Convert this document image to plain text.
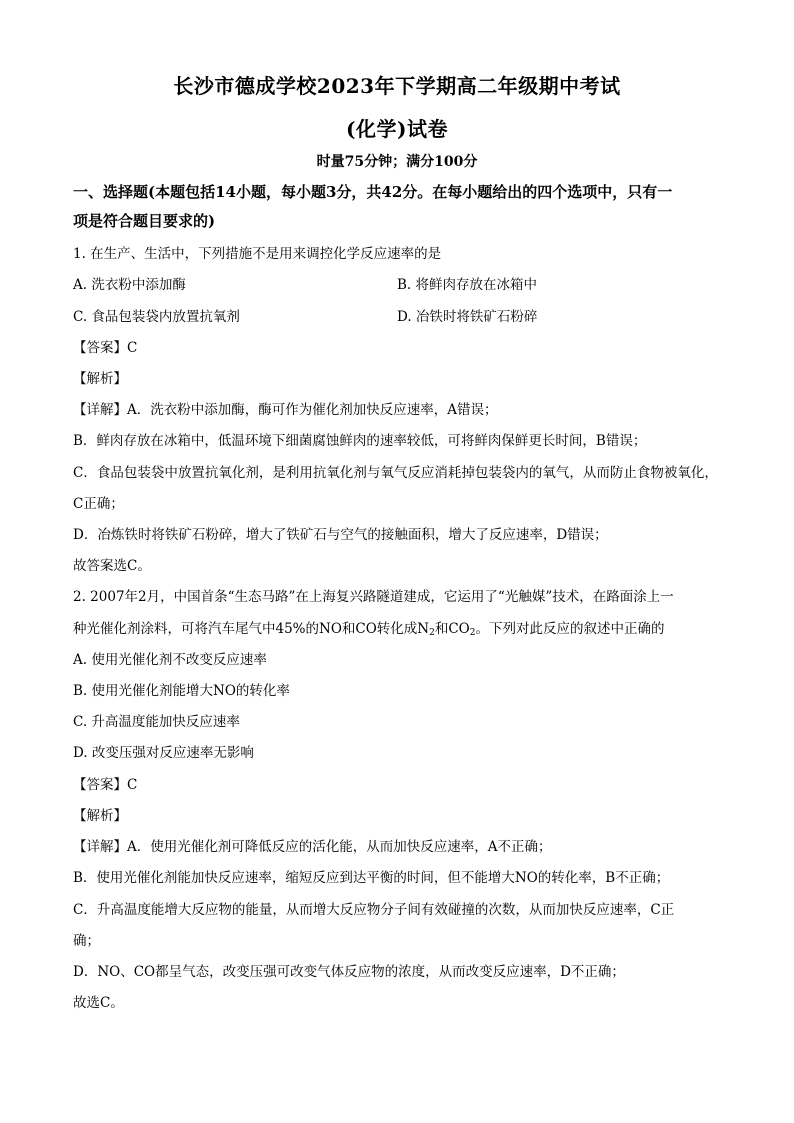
长沙市德成学校2023年下学期高二年级期中考试
(化学)试卷
时量75分钟；满分100分
一、选择题(本题包括14小题，每小题3分，共42分。在每小题给出的四个选项中，只有一
项是符合题目要求的)
1. 在生产、生活中，下列措施不是用来调控化学反应速率的是
A. 洗衣粉中添加酶	B. 将鲜肉存放在冰箱中
C. 食品包装袋内放置抗氧剂	D. 冶铁时将铁矿石粉碎
【答案】C
【解析】
【详解】A．洗衣粉中添加酶，酶可作为催化剂加快反应速率，A错误；
B．鲜肉存放在冰箱中，低温环境下细菌腐蚀鲜肉的速率较低，可将鲜肉保鲜更长时间，B错误；
C．食品包装袋中放置抗氧化剂，是利用抗氧化剂与氧气反应消耗掉包装袋内的氧气，从而防止食物被氧化，
C正确；
D．冶炼铁时将铁矿石粉碎，增大了铁矿石与空气的接触面积，增大了反应速率，D错误；
故答案选C。
2. 2007年2月，中国首条“生态马路”在上海复兴路隧道建成，它运用了“光触媒”技术，在路面涂上一
种光催化剂涂料，可将汽车尾气中45%的NO和CO转化成$N_2$和$CO_2$。下列对此反应的叙述中正确的
A. 使用光催化剂不改变反应速率
B. 使用光催化剂能增大NO的转化率
C. 升高温度能加快反应速率
D. 改变压强对反应速率无影响
【答案】C
【解析】
【详解】A．使用光催化剂可降低反应的活化能，从而加快反应速率，A不正确；
B．使用光催化剂能加快反应速率，缩短反应到达平衡的时间，但不能增大NO的转化率，B不正确；
C．升高温度能增大反应物的能量，从而增大反应物分子间有效碰撞的次数，从而加快反应速率，C正
确；
D．NO、CO都呈气态，改变压强可改变气体反应物的浓度，从而改变反应速率，D不正确；
故选C。
